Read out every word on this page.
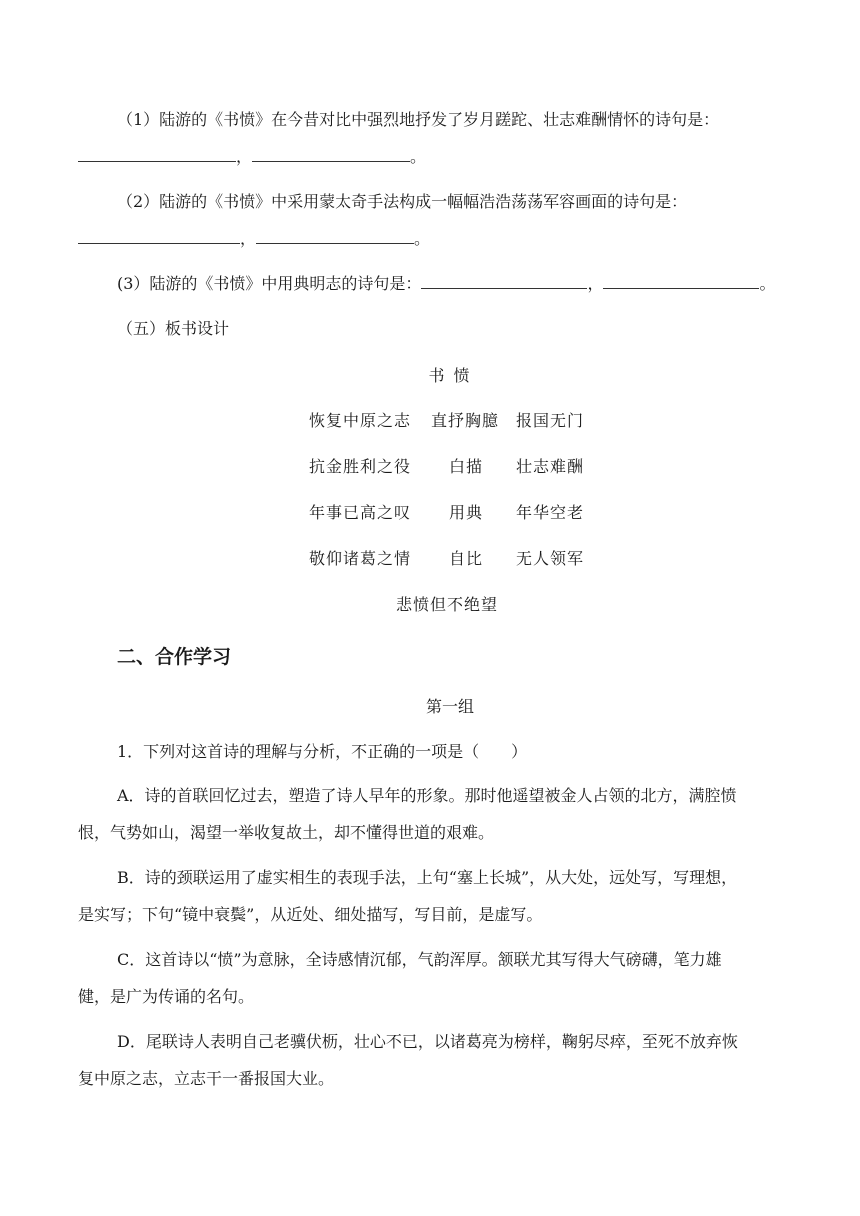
（1）陆游的《书愤》在今昔对比中强烈地抒发了岁月蹉跎、壮志难酬情怀的诗句是：
，	。
（2）陆游的《书愤》中采用蒙太奇手法构成一幅幅浩浩荡荡军容画面的诗句是：
，	。
(3）陆游的《书愤》中用典明志的诗句是：	，	。
（五）板书设计
书 愤
恢复中原之志 直抒胸臆 报国无门
抗金胜利之役 白描 壮志难酬
年事已高之叹 用典 年华空老
敬仰诸葛之情 自比 无人领军
悲愤但不绝望
二、合作学习
第一组
1．下列对这首诗的理解与分析，不正确的一项是（　　）
A．诗的首联回忆过去，塑造了诗人早年的形象。那时他遥望被金人占领的北方，满腔愤
恨，气势如山，渴望一举收复故土，却不懂得世道的艰难。
B．诗的颈联运用了虚实相生的表现手法，上句“塞上长城”，从大处，远处写，写理想，
是实写；下句“镜中衰鬓”，从近处、细处描写，写目前，是虚写。
C．这首诗以“愤”为意脉，全诗感情沉郁，气韵浑厚。颔联尤其写得大气磅礴，笔力雄
健，是广为传诵的名句。
D．尾联诗人表明自己老骥伏枥，壮心不已，以诸葛亮为榜样，鞠躬尽瘁，至死不放弃恢
复中原之志，立志干一番报国大业。
